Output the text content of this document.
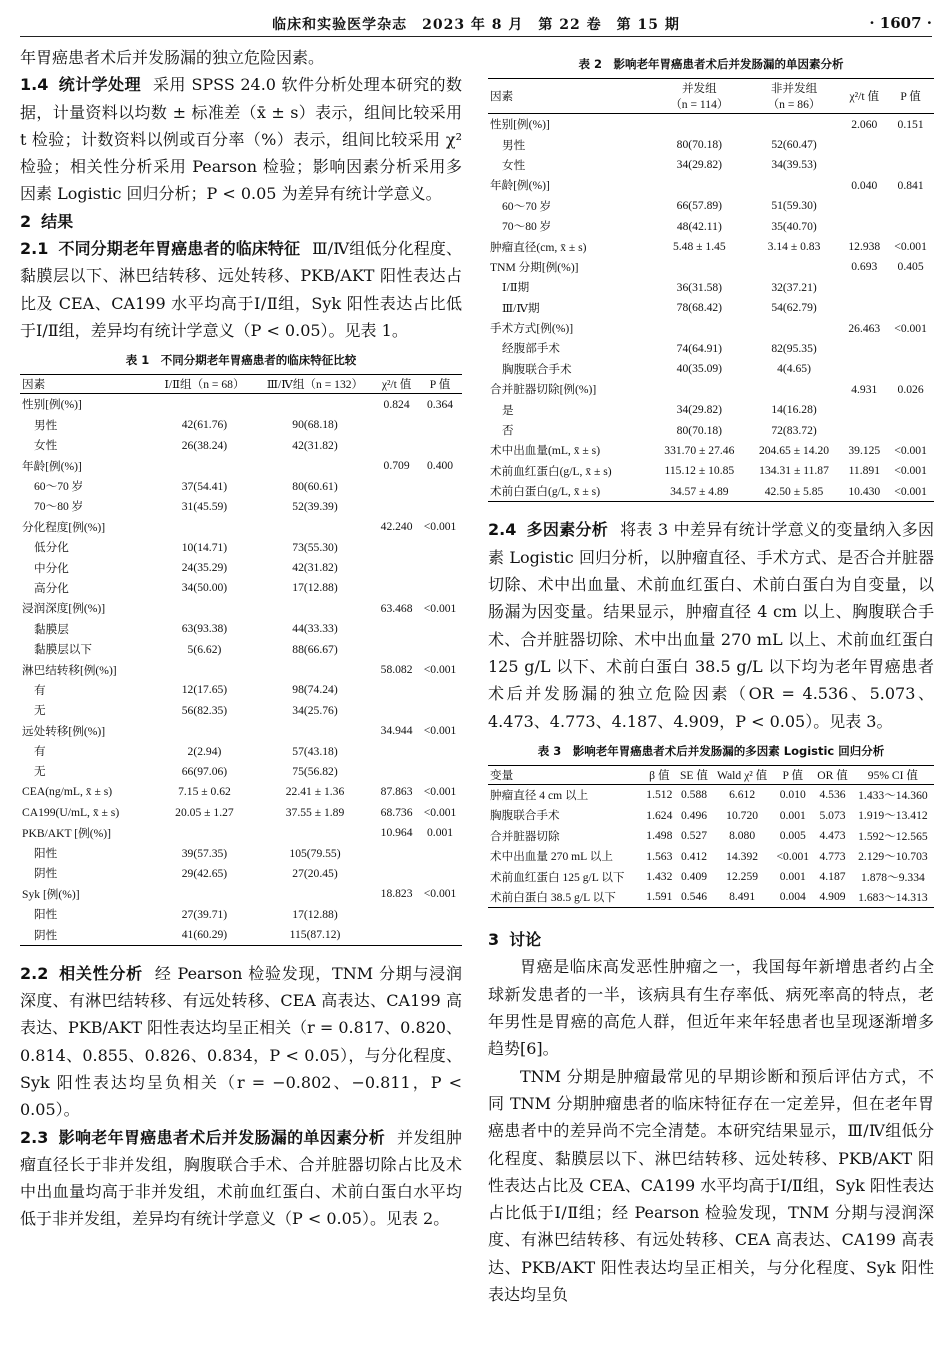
临床和实验医学杂志　2023 年 8 月　第 22 卷　第 15 期	· 1607 ·

年胃癌患者术后并发肠漏的独立危险因素。

1.4 统计学处理 采用 SPSS 24.0 软件分析处理本研究的数据，计量资料以均数 ± 标准差（x̄ ± s）表示，组间比较采用 t 检验；计数资料以例或百分率（%）表示，组间比较采用 χ² 检验；相关性分析采用 Pearson 检验；影响因素分析采用多因素 Logistic 回归分析；P < 0.05 为差异有统计学意义。

2 结果

2.1 不同分期老年胃癌患者的临床特征 Ⅲ/Ⅳ组低分化程度、黏膜层以下、淋巴结转移、远处转移、PKB/AKT 阳性表达占比及 CEA、CA199 水平均高于Ⅰ/Ⅱ组，Syk 阳性表达占比低于Ⅰ/Ⅱ组，差异均有统计学意义（P < 0.05）。见表 1。

表 1　不同分期老年胃癌患者的临床特征比较
因素	Ⅰ/Ⅱ组（n = 68）	Ⅲ/Ⅳ组（n = 132）	χ²/t 值	P 值
性别[例(%)]			0.824	0.364
男性	42(61.76)	90(68.18)		
女性	26(38.24)	42(31.82)		
年龄[例(%)]			0.709	0.400
60～70 岁	37(54.41)	80(60.61)		
70～80 岁	31(45.59)	52(39.39)		
分化程度[例(%)]			42.240	<0.001
低分化	10(14.71)	73(55.30)		
中分化	24(35.29)	42(31.82)		
高分化	34(50.00)	17(12.88)		
浸润深度[例(%)]			63.468	<0.001
黏膜层	63(93.38)	44(33.33)		
黏膜层以下	5(6.62)	88(66.67)		
淋巴结转移[例(%)]			58.082	<0.001
有	12(17.65)	98(74.24)		
无	56(82.35)	34(25.76)		
远处转移[例(%)]			34.944	<0.001
有	2(2.94)	57(43.18)		
无	66(97.06)	75(56.82)		
CEA(ng/mL, x̄ ± s)	7.15 ± 0.62	22.41 ± 1.36	87.863	<0.001
CA199(U/mL, x̄ ± s)	20.05 ± 1.27	37.55 ± 1.89	68.736	<0.001
PKB/AKT [例(%)]			10.964	0.001
阳性	39(57.35)	105(79.55)		
阴性	29(42.65)	27(20.45)		
Syk [例(%)]			18.823	<0.001
阳性	27(39.71)	17(12.88)		
阴性	41(60.29)	115(87.12)		

2.2 相关性分析 经 Pearson 检验发现，TNM 分期与浸润深度、有淋巴结转移、有远处转移、CEA 高表达、CA199 高表达、PKB/AKT 阳性表达均呈正相关（r = 0.817、0.820、0.814、0.855、0.826、0.834，P < 0.05），与分化程度、Syk 阳性表达均呈负相关（r = −0.802、−0.811，P < 0.05）。

2.3 影响老年胃癌患者术后并发肠漏的单因素分析 并发组肿瘤直径长于非并发组，胸腹联合手术、合并脏器切除占比及术中出血量均高于非并发组，术前血红蛋白、术前白蛋白水平均低于非并发组，差异均有统计学意义（P < 0.05）。见表 2。

表 2　影响老年胃癌患者术后并发肠漏的单因素分析
因素	并发组
（n = 114）	非并发组
（n = 86）	χ²/t 值	P 值
性别[例(%)]			2.060	0.151
男性	80(70.18)	52(60.47)		
女性	34(29.82)	34(39.53)		
年龄[例(%)]			0.040	0.841
60～70 岁	66(57.89)	51(59.30)		
70～80 岁	48(42.11)	35(40.70)		
肿瘤直径(cm, x̄ ± s)	5.48 ± 1.45	3.14 ± 0.83	12.938	<0.001
TNM 分期[例(%)]			0.693	0.405
Ⅰ/Ⅱ期	36(31.58)	32(37.21)		
Ⅲ/Ⅳ期	78(68.42)	54(62.79)		
手术方式[例(%)]			26.463	<0.001
经腹部手术	74(64.91)	82(95.35)		
胸腹联合手术	40(35.09)	4(4.65)		
合并脏器切除[例(%)]			4.931	0.026
是	34(29.82)	14(16.28)		
否	80(70.18)	72(83.72)		
术中出血量(mL, x̄ ± s)	331.70 ± 27.46	204.65 ± 14.20	39.125	<0.001
术前血红蛋白(g/L, x̄ ± s)	115.12 ± 10.85	134.31 ± 11.87	11.891	<0.001
术前白蛋白(g/L, x̄ ± s)	34.57 ± 4.89	42.50 ± 5.85	10.430	<0.001

2.4 多因素分析 将表 3 中差异有统计学意义的变量纳入多因素 Logistic 回归分析，以肿瘤直径、手术方式、是否合并脏器切除、术中出血量、术前血红蛋白、术前白蛋白为自变量，以肠漏为因变量。结果显示，肿瘤直径 4 cm 以上、胸腹联合手术、合并脏器切除、术中出血量 270 mL 以上、术前血红蛋白 125 g/L 以下、术前白蛋白 38.5 g/L 以下均为老年胃癌患者术后并发肠漏的独立危险因素（OR = 4.536、5.073、4.473、4.773、4.187、4.909，P < 0.05）。见表 3。

表 3　影响老年胃癌患者术后并发肠漏的多因素 Logistic 回归分析
变量	β 值	SE 值	Wald χ² 值	P 值	OR 值	95% CI 值
肿瘤直径 4 cm 以上	1.512	0.588	6.612	0.010	4.536	1.433～14.360
胸腹联合手术	1.624	0.496	10.720	0.001	5.073	1.919～13.412
合并脏器切除	1.498	0.527	8.080	0.005	4.473	1.592～12.565
术中出血量 270 mL 以上	1.563	0.412	14.392	<0.001	4.773	2.129～10.703
术前血红蛋白 125 g/L 以下	1.432	0.409	12.259	0.001	4.187	1.878～9.334
术前白蛋白 38.5 g/L 以下	1.591	0.546	8.491	0.004	4.909	1.683～14.313
3 讨论

胃癌是临床高发恶性肿瘤之一，我国每年新增患者约占全球新发患者的一半，该病具有生存率低、病死率高的特点，老年男性是胃癌的高危人群，但近年来年轻患者也呈现逐渐增多趋势[6]。

TNM 分期是肿瘤最常见的早期诊断和预后评估方式，不同 TNM 分期肿瘤患者的临床特征存在一定差异，但在老年胃癌患者中的差异尚不完全清楚。本研究结果显示，Ⅲ/Ⅳ组低分化程度、黏膜层以下、淋巴结转移、远处转移、PKB/AKT 阳性表达占比及 CEA、CA199 水平均高于Ⅰ/Ⅱ组，Syk 阳性表达占比低于Ⅰ/Ⅱ组；经 Pearson 检验发现，TNM 分期与浸润深度、有淋巴结转移、有远处转移、CEA 高表达、CA199 高表达、PKB/AKT 阳性表达均呈正相关，与分化程度、Syk 阳性表达均呈负
